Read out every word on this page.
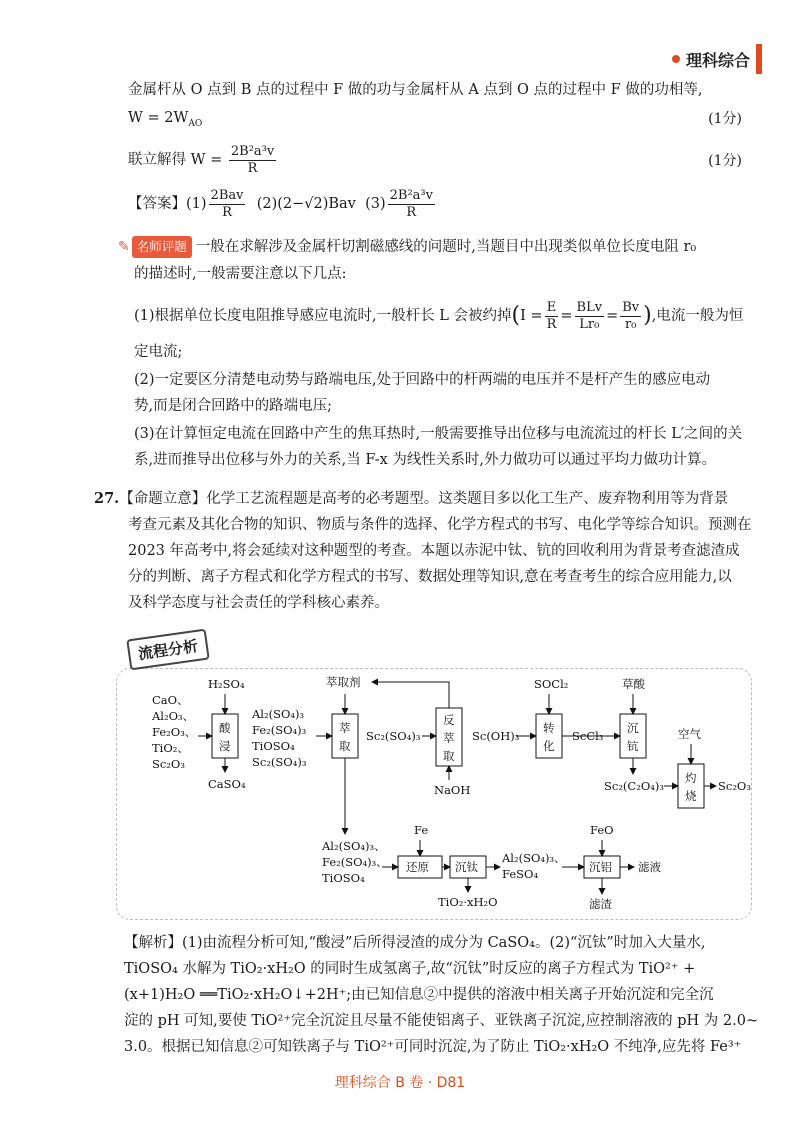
理科综合
金属杆从 O 点到 B 点的过程中 F 做的功与金属杆从 A 点到 O 点的过程中 F 做的功相等,
$W = 2W_{AO}$	(1分)
联立解得 $W = \frac{\text{2B²a³v}}{R}$	(1分)
【答案】$(1) \frac{\text{2Bav}}{R} (2)(2-√2)Bav$ $(3) \frac{\text{2B²a³v}}{R}$
✎ 名师评题 一般在求解涉及金属杆切割磁感线的问题时,当题目中出现类似单位长度电阻 r₀
的描述时,一般需要注意以下几点:
(1)根据单位长度电阻推导感应电流时,一般杆长 L 会被约掉($I = \frac{E}{R} = \frac{\text{BLv}}{\text{Lr₀}} = \frac{Bv}{\text{r₀}}$ ),电流一般为恒
定电流;
(2)一定要区分清楚电动势与路端电压,处于回路中的杆两端的电压并不是杆产生的感应电动
势,而是闭合回路中的路端电压;
(3)在计算恒定电流在回路中产生的焦耳热时,一般需要推导出位移与电流流过的杆长 L′之间的关
系,进而推导出位移与外力的关系,当 F-x 为线性关系时,外力做功可以通过平均力做功计算。
27.【命题立意】化学工艺流程题是高考的必考题型。这类题目多以化工生产、废弃物利用等为背景
考查元素及其化合物的知识、物质与条件的选择、化学方程式的书写、电化学等综合知识。预测在
2023 年高考中,将会延续对这种题型的考查。本题以赤泥中钛、钪的回收利用为背景考查滤渣成
分的判断、离子方程式和化学方程式的书写、数据处理等知识,意在考查考生的综合应用能力,以
及科学态度与社会责任的学科核心素养。
CaO、
Al₂O₃、
Fe₂O₃、
TiO₂、
Sc₂O₃
H₂SO₄
酸
浸
CaSO₄
Al₂(SO₄)₃
Fe₂(SO₄)₃
TiOSO₄
Sc₂(SO₄)₃
萃取剂
萃
取
Sc₂(SO₄)₃
反
萃
取
NaOH
Sc(OH)₃
SOCl₂
转
化
ScCl₃
草酸
沉
钪
Sc₂(C₂O₄)₃
空气
灼
烧
Sc₂O₃
Al₂(SO₄)₃、
Fe₂(SO₄)₃、
TiOSO₄
Fe
还原 沉钛
TiO₂·xH₂O
Al₂(SO₄)₃、
FeSO₄
FeO
沉铝 滤液
滤渣
流程分析
【解析】(1)由流程分析可知,“酸浸”后所得浸渣的成分为 CaSO₄。(2)“沉钛”时加入大量水,
TiOSO₄ 水解为 TiO₂·xH₂O 的同时生成氢离子,故“沉钛”时反应的离子方程式为 TiO²⁺ +
(x+1)H₂O ══TiO₂·xH₂O↓+2H⁺;由已知信息②中提供的溶液中相关离子开始沉淀和完全沉
淀的 pH 可知,要使 TiO²⁺完全沉淀且尽量不能使铝离子、亚铁离子沉淀,应控制溶液的 pH 为 2.0~
3.0。根据已知信息②可知铁离子与 TiO²⁺可同时沉淀,为了防止 TiO₂·xH₂O 不纯净,应先将 Fe³⁺
理科综合 B 卷 · D81
